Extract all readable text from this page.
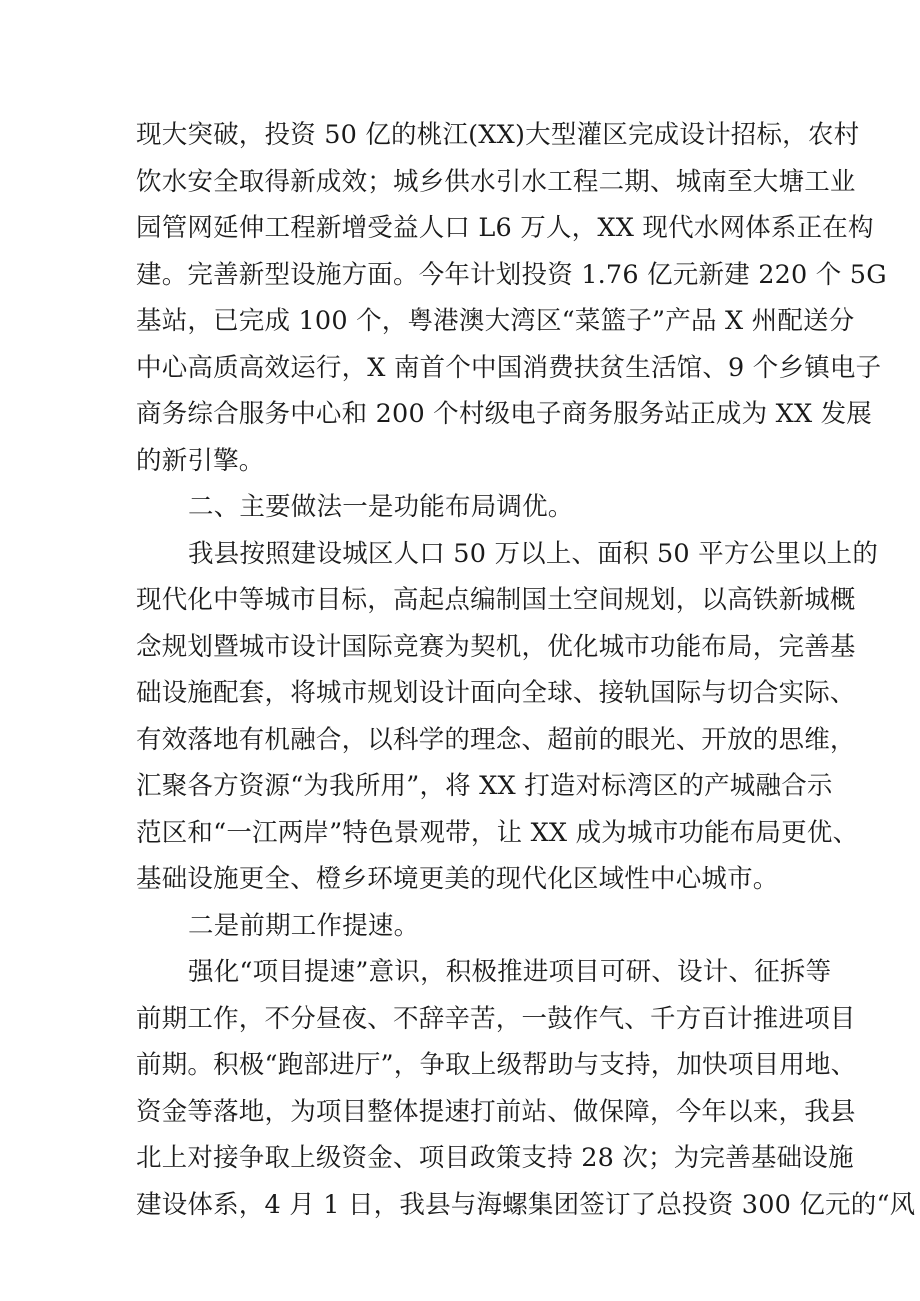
现大突破，投资 50 亿的桃江(XX)大型灌区完成设计招标，农村
饮水安全取得新成效；城乡供水引水工程二期、城南至大塘工业
园管网延伸工程新增受益人口 L6 万人，XX 现代水网体系正在构
建。完善新型设施方面。今年计划投资 1.76 亿元新建 220 个 5G
基站，已完成 100 个，粤港澳大湾区“菜篮子”产品 X 州配送分
中心高质高效运行，X 南首个中国消费扶贫生活馆、9 个乡镇电子
商务综合服务中心和 200 个村级电子商务服务站正成为 XX 发展
的新引擎。
二、主要做法一是功能布局调优。
我县按照建设城区人口 50 万以上、面积 50 平方公里以上的
现代化中等城市目标，高起点编制国土空间规划，以高铁新城概
念规划暨城市设计国际竞赛为契机，优化城市功能布局，完善基
础设施配套，将城市规划设计面向全球、接轨国际与切合实际、
有效落地有机融合，以科学的理念、超前的眼光、开放的思维，
汇聚各方资源“为我所用”，将 XX 打造对标湾区的产城融合示
范区和“一江两岸”特色景观带，让 XX 成为城市功能布局更优、
基础设施更全、橙乡环境更美的现代化区域性中心城市。
二是前期工作提速。
强化“项目提速”意识，积极推进项目可研、设计、征拆等
前期工作，不分昼夜、不辞辛苦，一鼓作气、千方百计推进项目
前期。积极“跑部进厅”，争取上级帮助与支持，加快项目用地、
资金等落地，为项目整体提速打前站、做保障，今年以来，我县
北上对接争取上级资金、项目政策支持 28 次；为完善基础设施
建设体系，4 月 1 日，我县与海螺集团签订了总投资 300 亿元的“风
